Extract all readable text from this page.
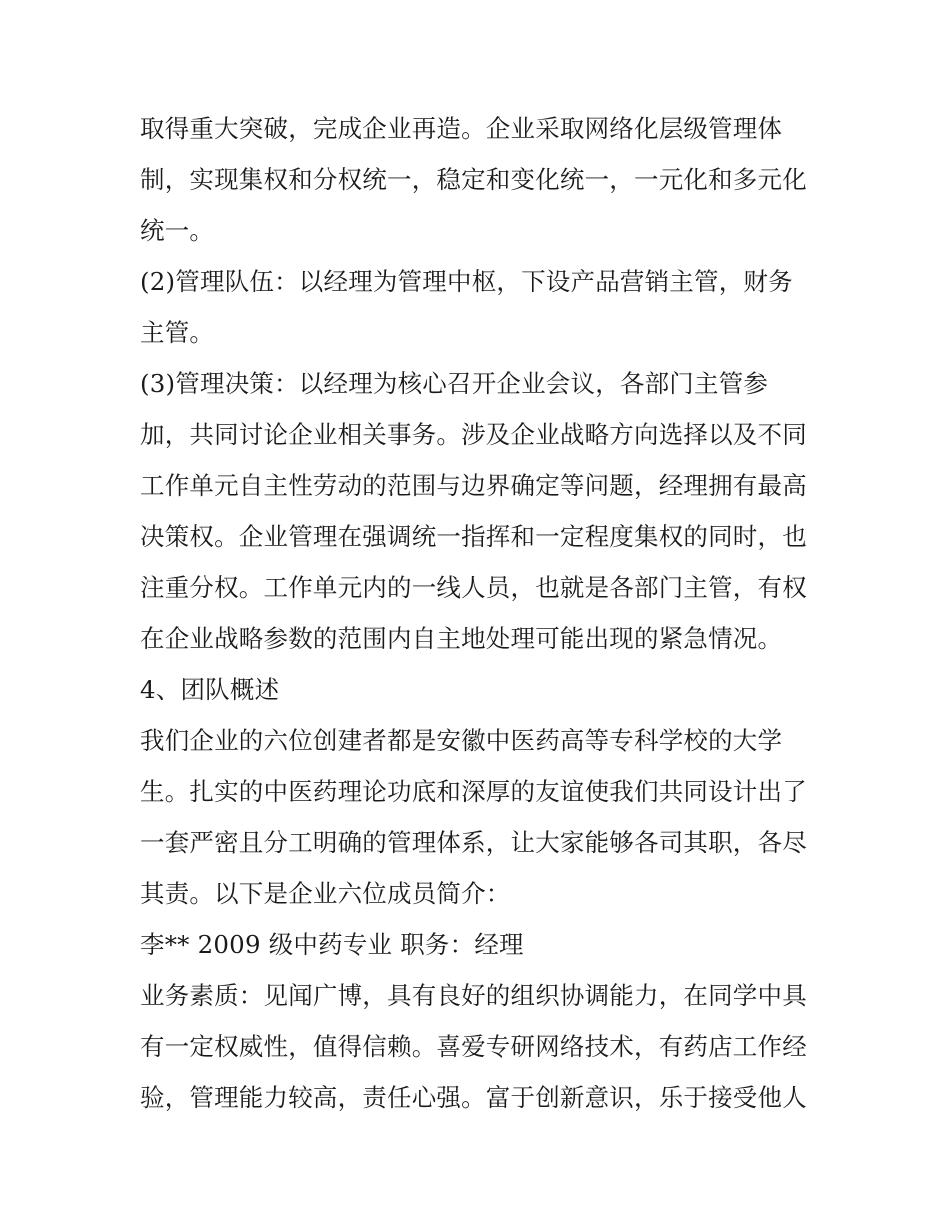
取得重大突破，完成企业再造。企业采取网络化层级管理体
制，实现集权和分权统一，稳定和变化统一，一元化和多元化
统一。
(2)管理队伍：以经理为管理中枢，下设产品营销主管，财务
主管。
(3)管理决策：以经理为核心召开企业会议，各部门主管参
加，共同讨论企业相关事务。涉及企业战略方向选择以及不同
工作单元自主性劳动的范围与边界确定等问题，经理拥有最高
决策权。企业管理在强调统一指挥和一定程度集权的同时，也
注重分权。工作单元内的一线人员，也就是各部门主管，有权
在企业战略参数的范围内自主地处理可能出现的紧急情况。
4、团队概述
我们企业的六位创建者都是安徽中医药高等专科学校的大学
生。扎实的中医药理论功底和深厚的友谊使我们共同设计出了
一套严密且分工明确的管理体系，让大家能够各司其职，各尽
其责。以下是企业六位成员简介：
李** 2009 级中药专业 职务：经理
业务素质：见闻广博，具有良好的组织协调能力，在同学中具
有一定权威性，值得信赖。喜爱专研网络技术，有药店工作经
验，管理能力较高，责任心强。富于创新意识，乐于接受他人
